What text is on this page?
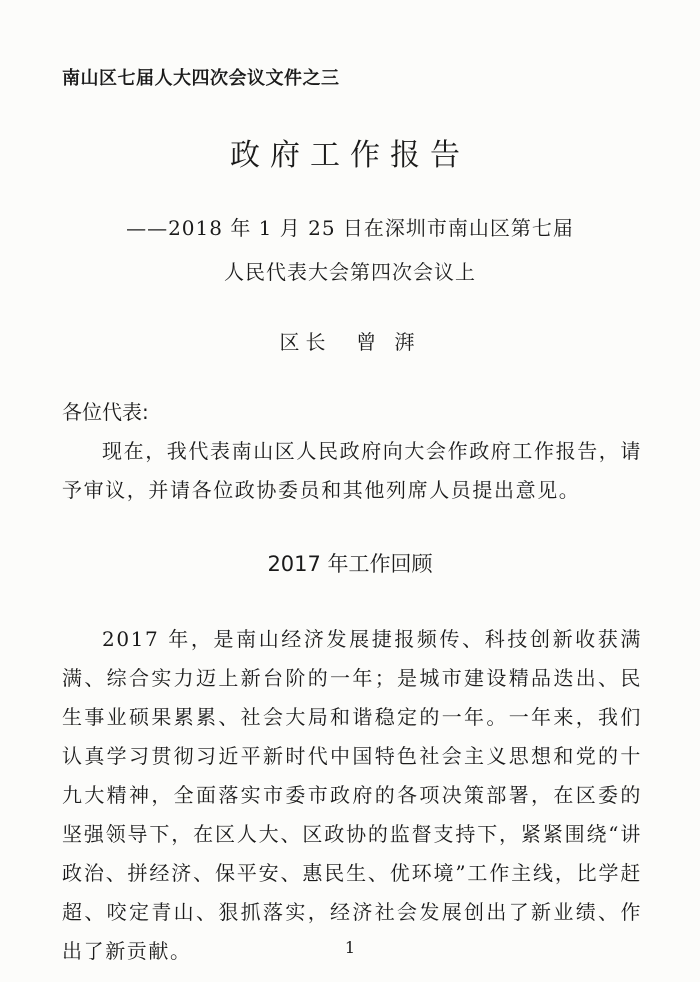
南山区七届人大四次会议文件之三
政府工作报告
——2018 年 1 月 25 日在深圳市南山区第七届
人民代表大会第四次会议上
区长  曾 湃
各位代表:
现在，我代表南山区人民政府向大会作政府工作报告，请予审议，并请各位政协委员和其他列席人员提出意见。
2017 年工作回顾
2017 年，是南山经济发展捷报频传、科技创新收获满满、综合实力迈上新台阶的一年；是城市建设精品迭出、民生事业硕果累累、社会大局和谐稳定的一年。一年来，我们认真学习贯彻习近平新时代中国特色社会主义思想和党的十九大精神，全面落实市委市政府的各项决策部署，在区委的坚强领导下，在区人大、区政协的监督支持下，紧紧围绕“讲政治、拼经济、保平安、惠民生、优环境”工作主线，比学赶超、咬定青山、狠抓落实，经济社会发展创出了新业绩、作出了新贡献。	1
